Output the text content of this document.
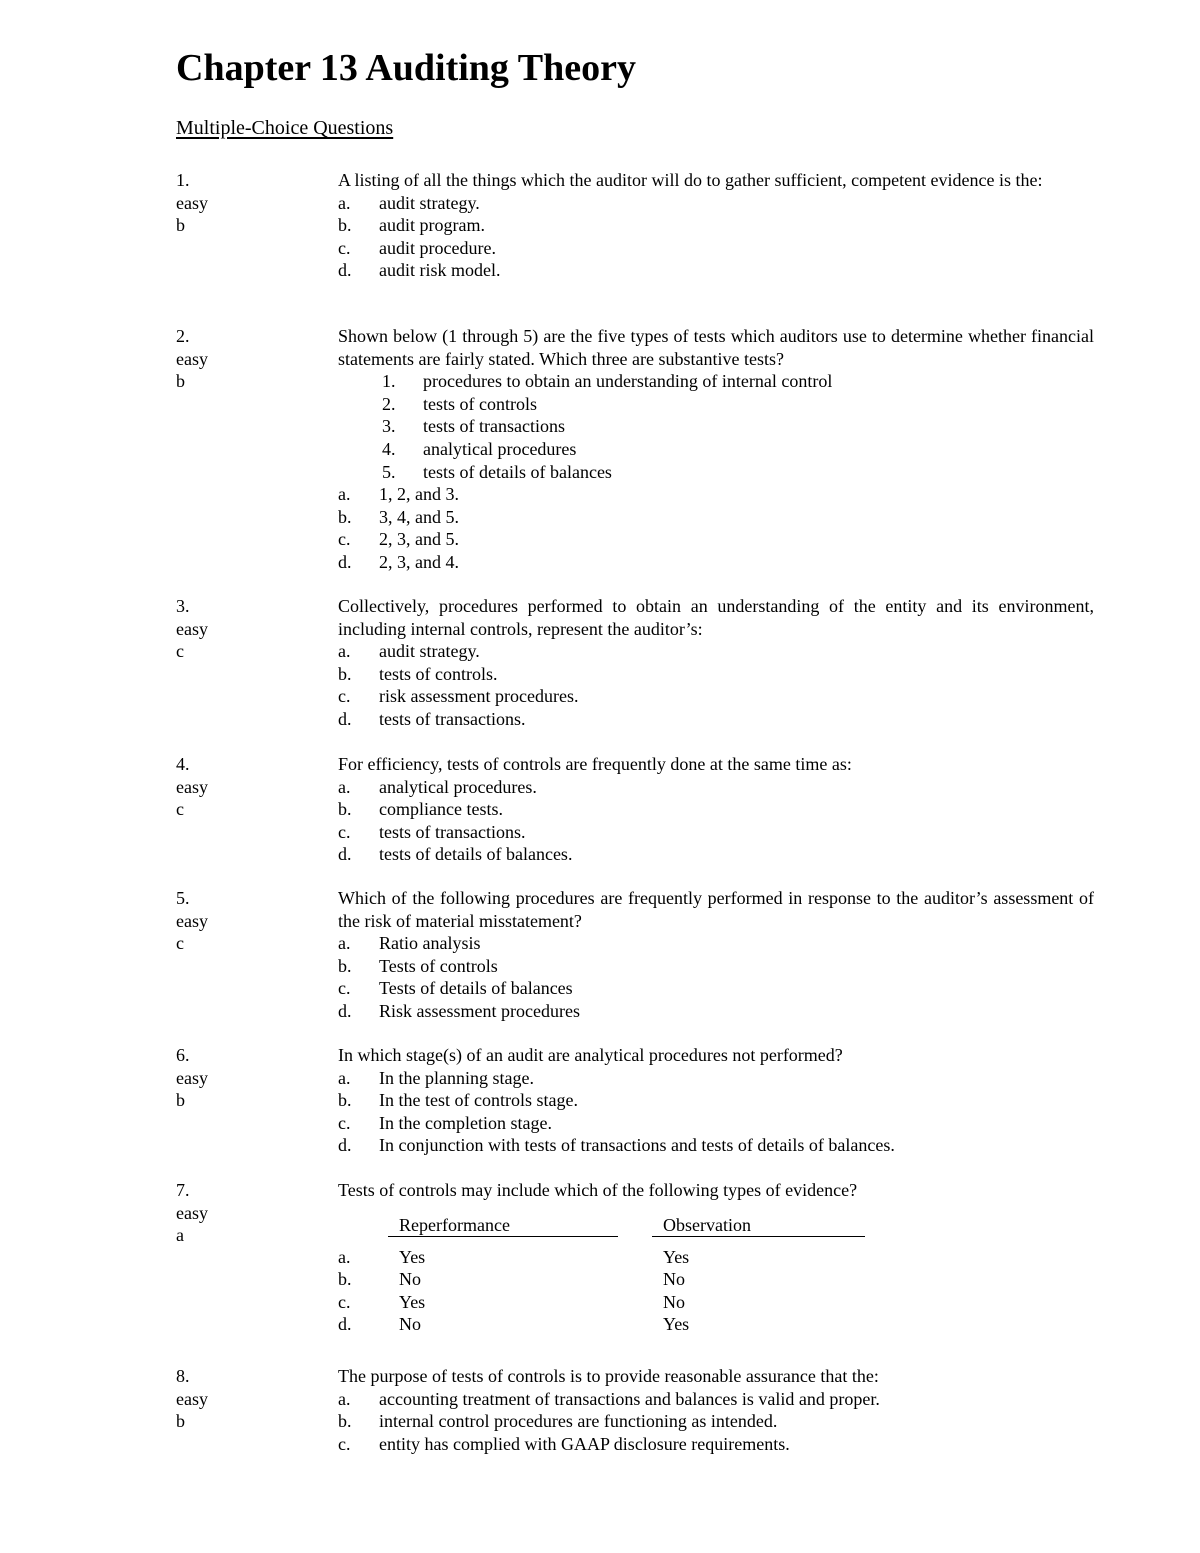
Chapter 13 Auditing Theory
Multiple-Choice Questions
1.
easy
b
A listing of all the things which the auditor will do to gather sufficient, competent evidence is the:
a.	audit strategy.
b.	audit program.
c.	audit procedure.
d.	audit risk model.
2.
easy
b
Shown below (1 through 5) are the five types of tests which auditors use to determine whether financial statements are fairly stated. Which three are substantive tests?
1.	procedures to obtain an understanding of internal control
2.	tests of controls
3.	tests of transactions
4.	analytical procedures
5.	tests of details of balances
a.	1, 2, and 3.
b.	3, 4, and 5.
c.	2, 3, and 5.
d.	2, 3, and 4.
3.
easy
c
Collectively, procedures performed to obtain an understanding of the entity and its environment, including internal controls, represent the auditor’s:
a.	audit strategy.
b.	tests of controls.
c.	risk assessment procedures.
d.	tests of transactions.
4.
easy
c
For efficiency, tests of controls are frequently done at the same time as:
a.	analytical procedures.
b.	compliance tests.
c.	tests of transactions.
d.	tests of details of balances.
5.
easy
c
Which of the following procedures are frequently performed in response to the auditor’s assessment of the risk of material misstatement?
a.	Ratio analysis
b.	Tests of controls
c.	Tests of details of balances
d.	Risk assessment procedures
6.
easy
b
In which stage(s) of an audit are analytical procedures not performed?
a.	In the planning stage.
b.	In the test of controls stage.
c.	In the completion stage.
d.	In conjunction with tests of transactions and tests of details of balances.
7.
easy
a
Tests of controls may include which of the following types of evidence?
Reperformance	Observation
a.	Yes	Yes
b.	No	No
c.	Yes	No
d.	No	Yes
8.
easy
b
The purpose of tests of controls is to provide reasonable assurance that the:
a.	accounting treatment of transactions and balances is valid and proper.
b.	internal control procedures are functioning as intended.
c.	entity has complied with GAAP disclosure requirements.
